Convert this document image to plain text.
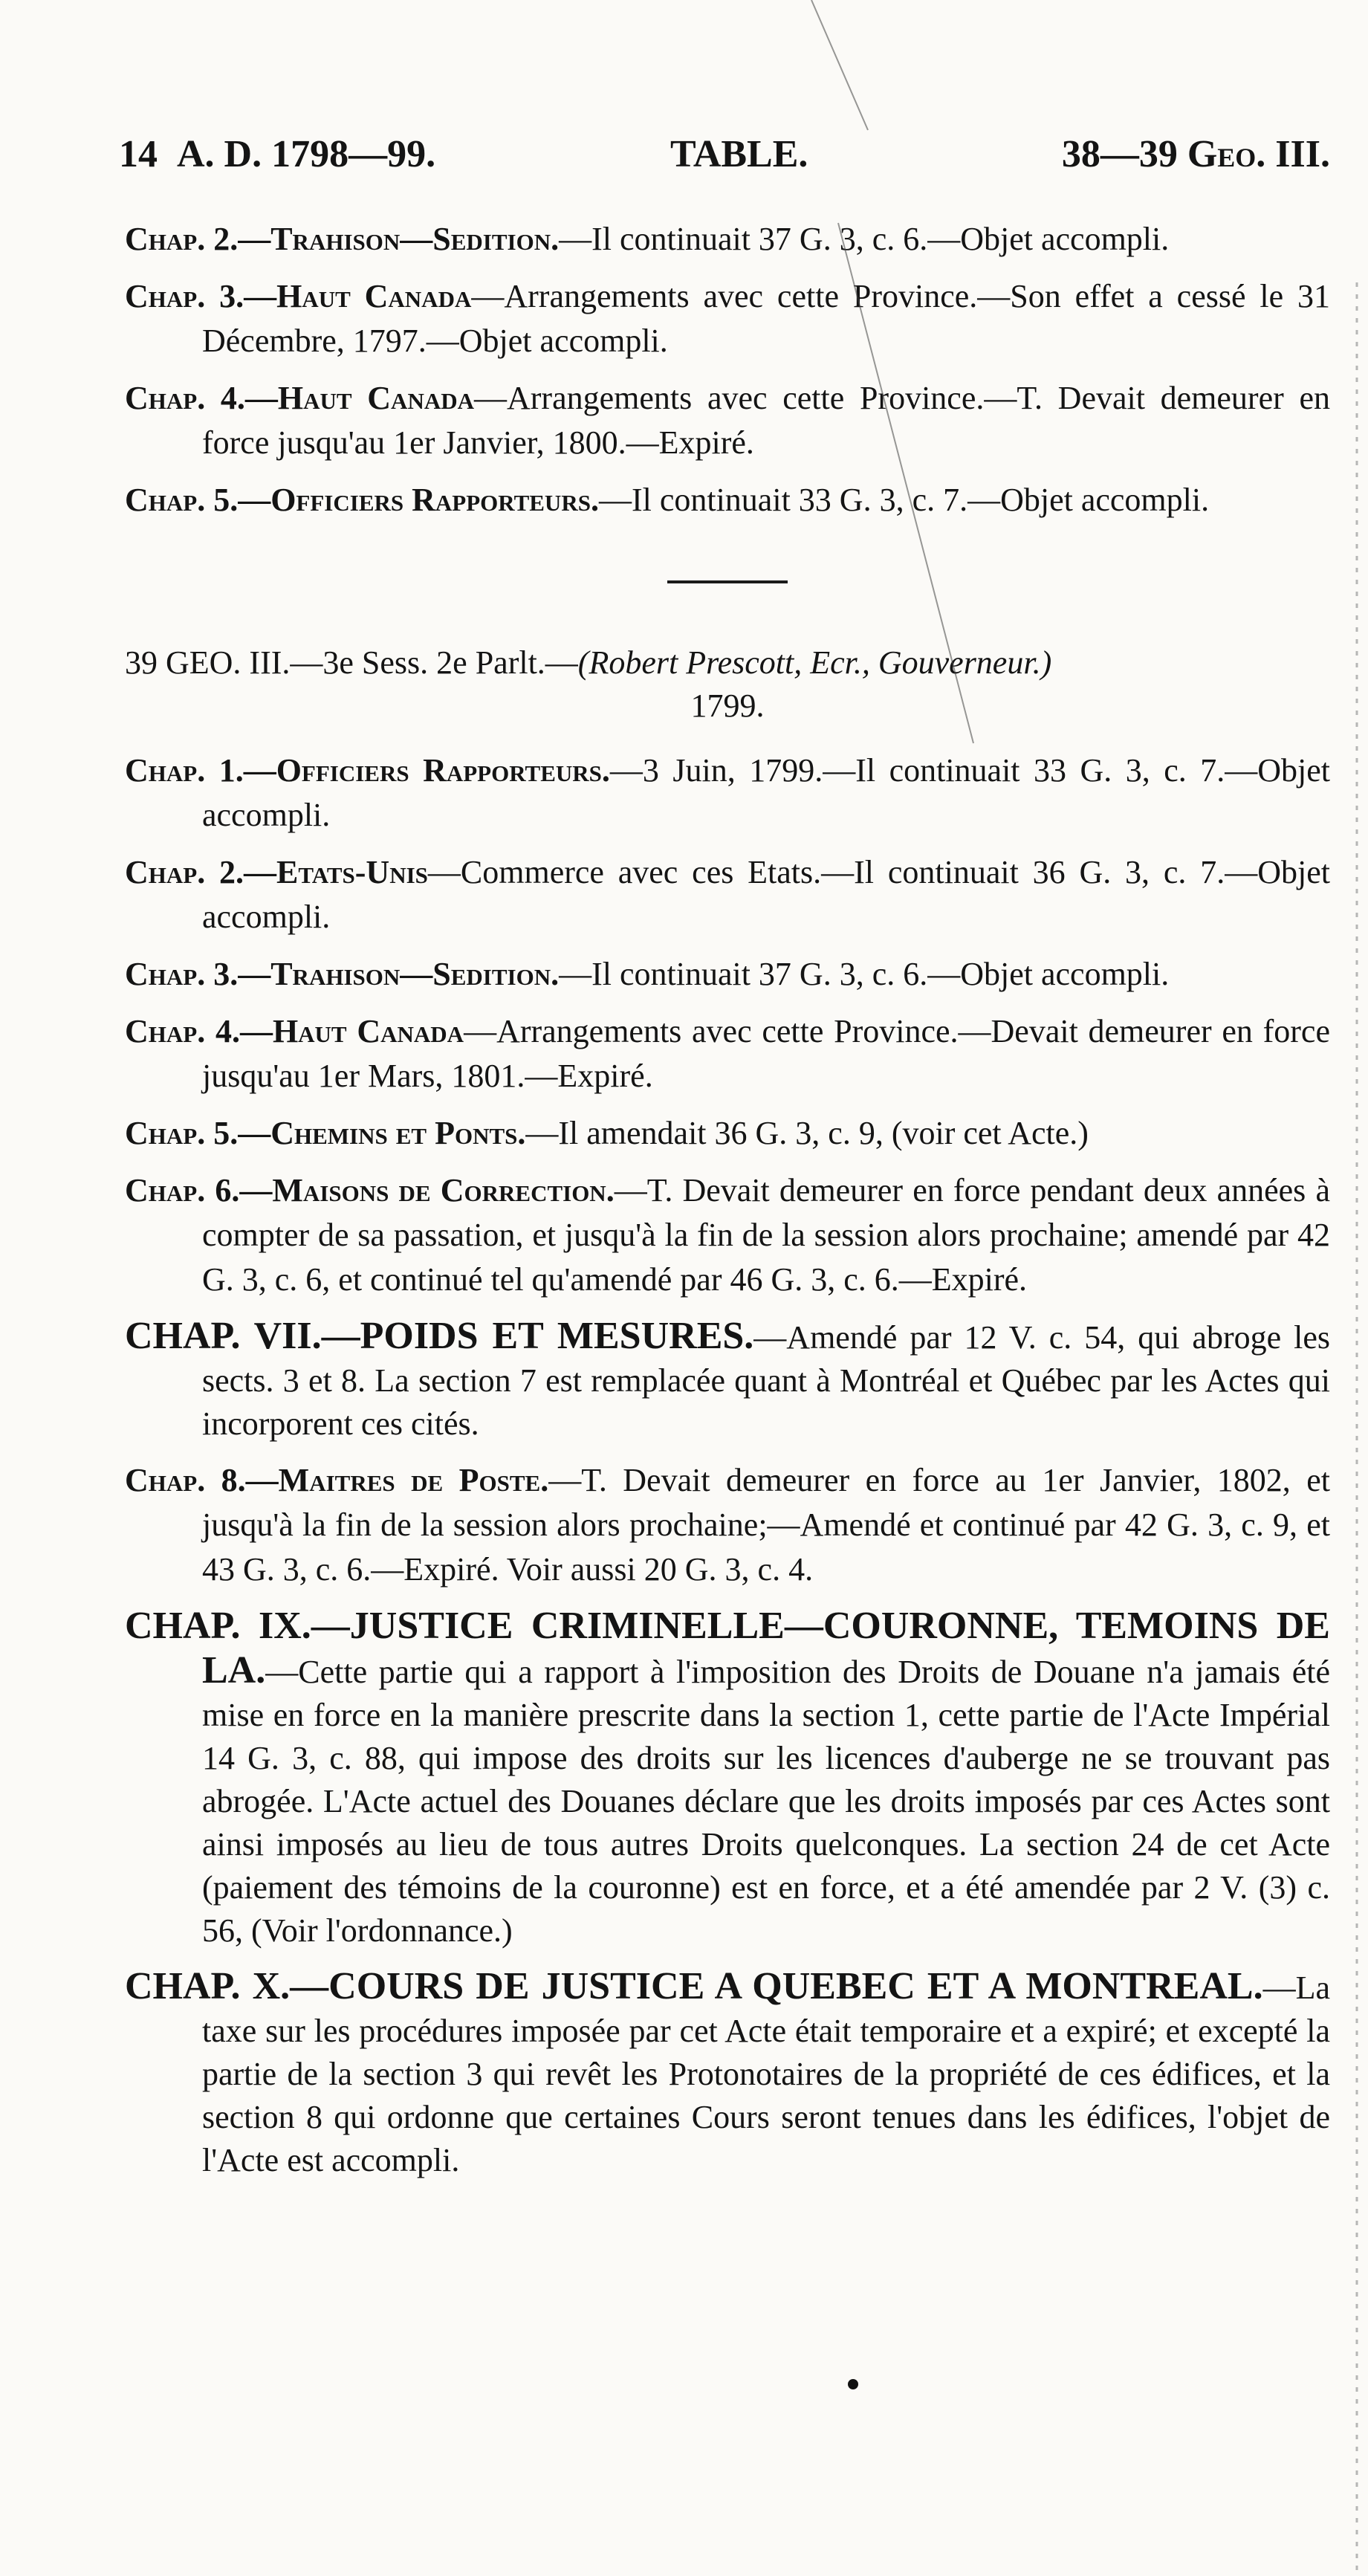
14 A. D. 1798—99.	TABLE.	38—39 Geo. III.

Chap. 2.—Trahison—Sedition.—Il continuait 37 G. 3, c. 6.—Objet accompli.

Chap. 3.—Haut Canada—Arrangements avec cette Province.—Son effet a cessé le 31 Décembre, 1797.—Objet accompli.

Chap. 4.—Haut Canada—Arrangements avec cette Province.—T. Devait demeurer en force jusqu'au 1er Janvier, 1800.—Expiré.

Chap. 5.—Officiers Rapporteurs.—Il continuait 33 G. 3, c. 7.—Objet accompli.

39 GEO. III.—3e Sess. 2e Parlt.—(Robert Prescott, Ecr., Gouverneur.)
1799.

Chap. 1.—Officiers Rapporteurs.—3 Juin, 1799.—Il continuait 33 G. 3, c. 7.—Objet accompli.

Chap. 2.—Etats-Unis—Commerce avec ces Etats.—Il continuait 36 G. 3, c. 7.—Objet accompli.

Chap. 3.—Trahison—Sedition.—Il continuait 37 G. 3, c. 6.—Objet accompli.

Chap. 4.—Haut Canada—Arrangements avec cette Province.—Devait demeurer en force jusqu'au 1er Mars, 1801.—Expiré.

Chap. 5.—Chemins et Ponts.—Il amendait 36 G. 3, c. 9, (voir cet Acte.)

Chap. 6.—Maisons de Correction.—T. Devait demeurer en force pendant deux années à compter de sa passation, et jusqu'à la fin de la session alors prochaine; amendé par 42 G. 3, c. 6, et continué tel qu'amendé par 46 G. 3, c. 6.—Expiré.

CHAP. VII.—POIDS ET MESURES.—Amendé par 12 V. c. 54, qui abroge les sects. 3 et 8. La section 7 est remplacée quant à Montréal et Québec par les Actes qui incorporent ces cités.

Chap. 8.—Maitres de Poste.—T. Devait demeurer en force au 1er Janvier, 1802, et jusqu'à la fin de la session alors prochaine;—Amendé et continué par 42 G. 3, c. 9, et 43 G. 3, c. 6.—Expiré. Voir aussi 20 G. 3, c. 4.

CHAP. IX.—JUSTICE CRIMINELLE—COURONNE, TEMOINS DE LA.—Cette partie qui a rapport à l'imposition des Droits de Douane n'a jamais été mise en force en la manière prescrite dans la section 1, cette partie de l'Acte Impérial 14 G. 3, c. 88, qui impose des droits sur les licences d'auberge ne se trouvant pas abrogée. L'Acte actuel des Douanes déclare que les droits imposés par ces Actes sont ainsi imposés au lieu de tous autres Droits quelconques. La section 24 de cet Acte (paiement des témoins de la couronne) est en force, et a été amendée par 2 V. (3) c. 56, (Voir l'ordonnance.)

CHAP. X.—COURS DE JUSTICE A QUEBEC ET A MONTREAL.—La taxe sur les procédures imposée par cet Acte était temporaire et a expiré; et excepté la partie de la section 3 qui revêt les Protonotaires de la propriété de ces édifices, et la section 8 qui ordonne que certaines Cours seront tenues dans les édifices, l'objet de l'Acte est accompli.
